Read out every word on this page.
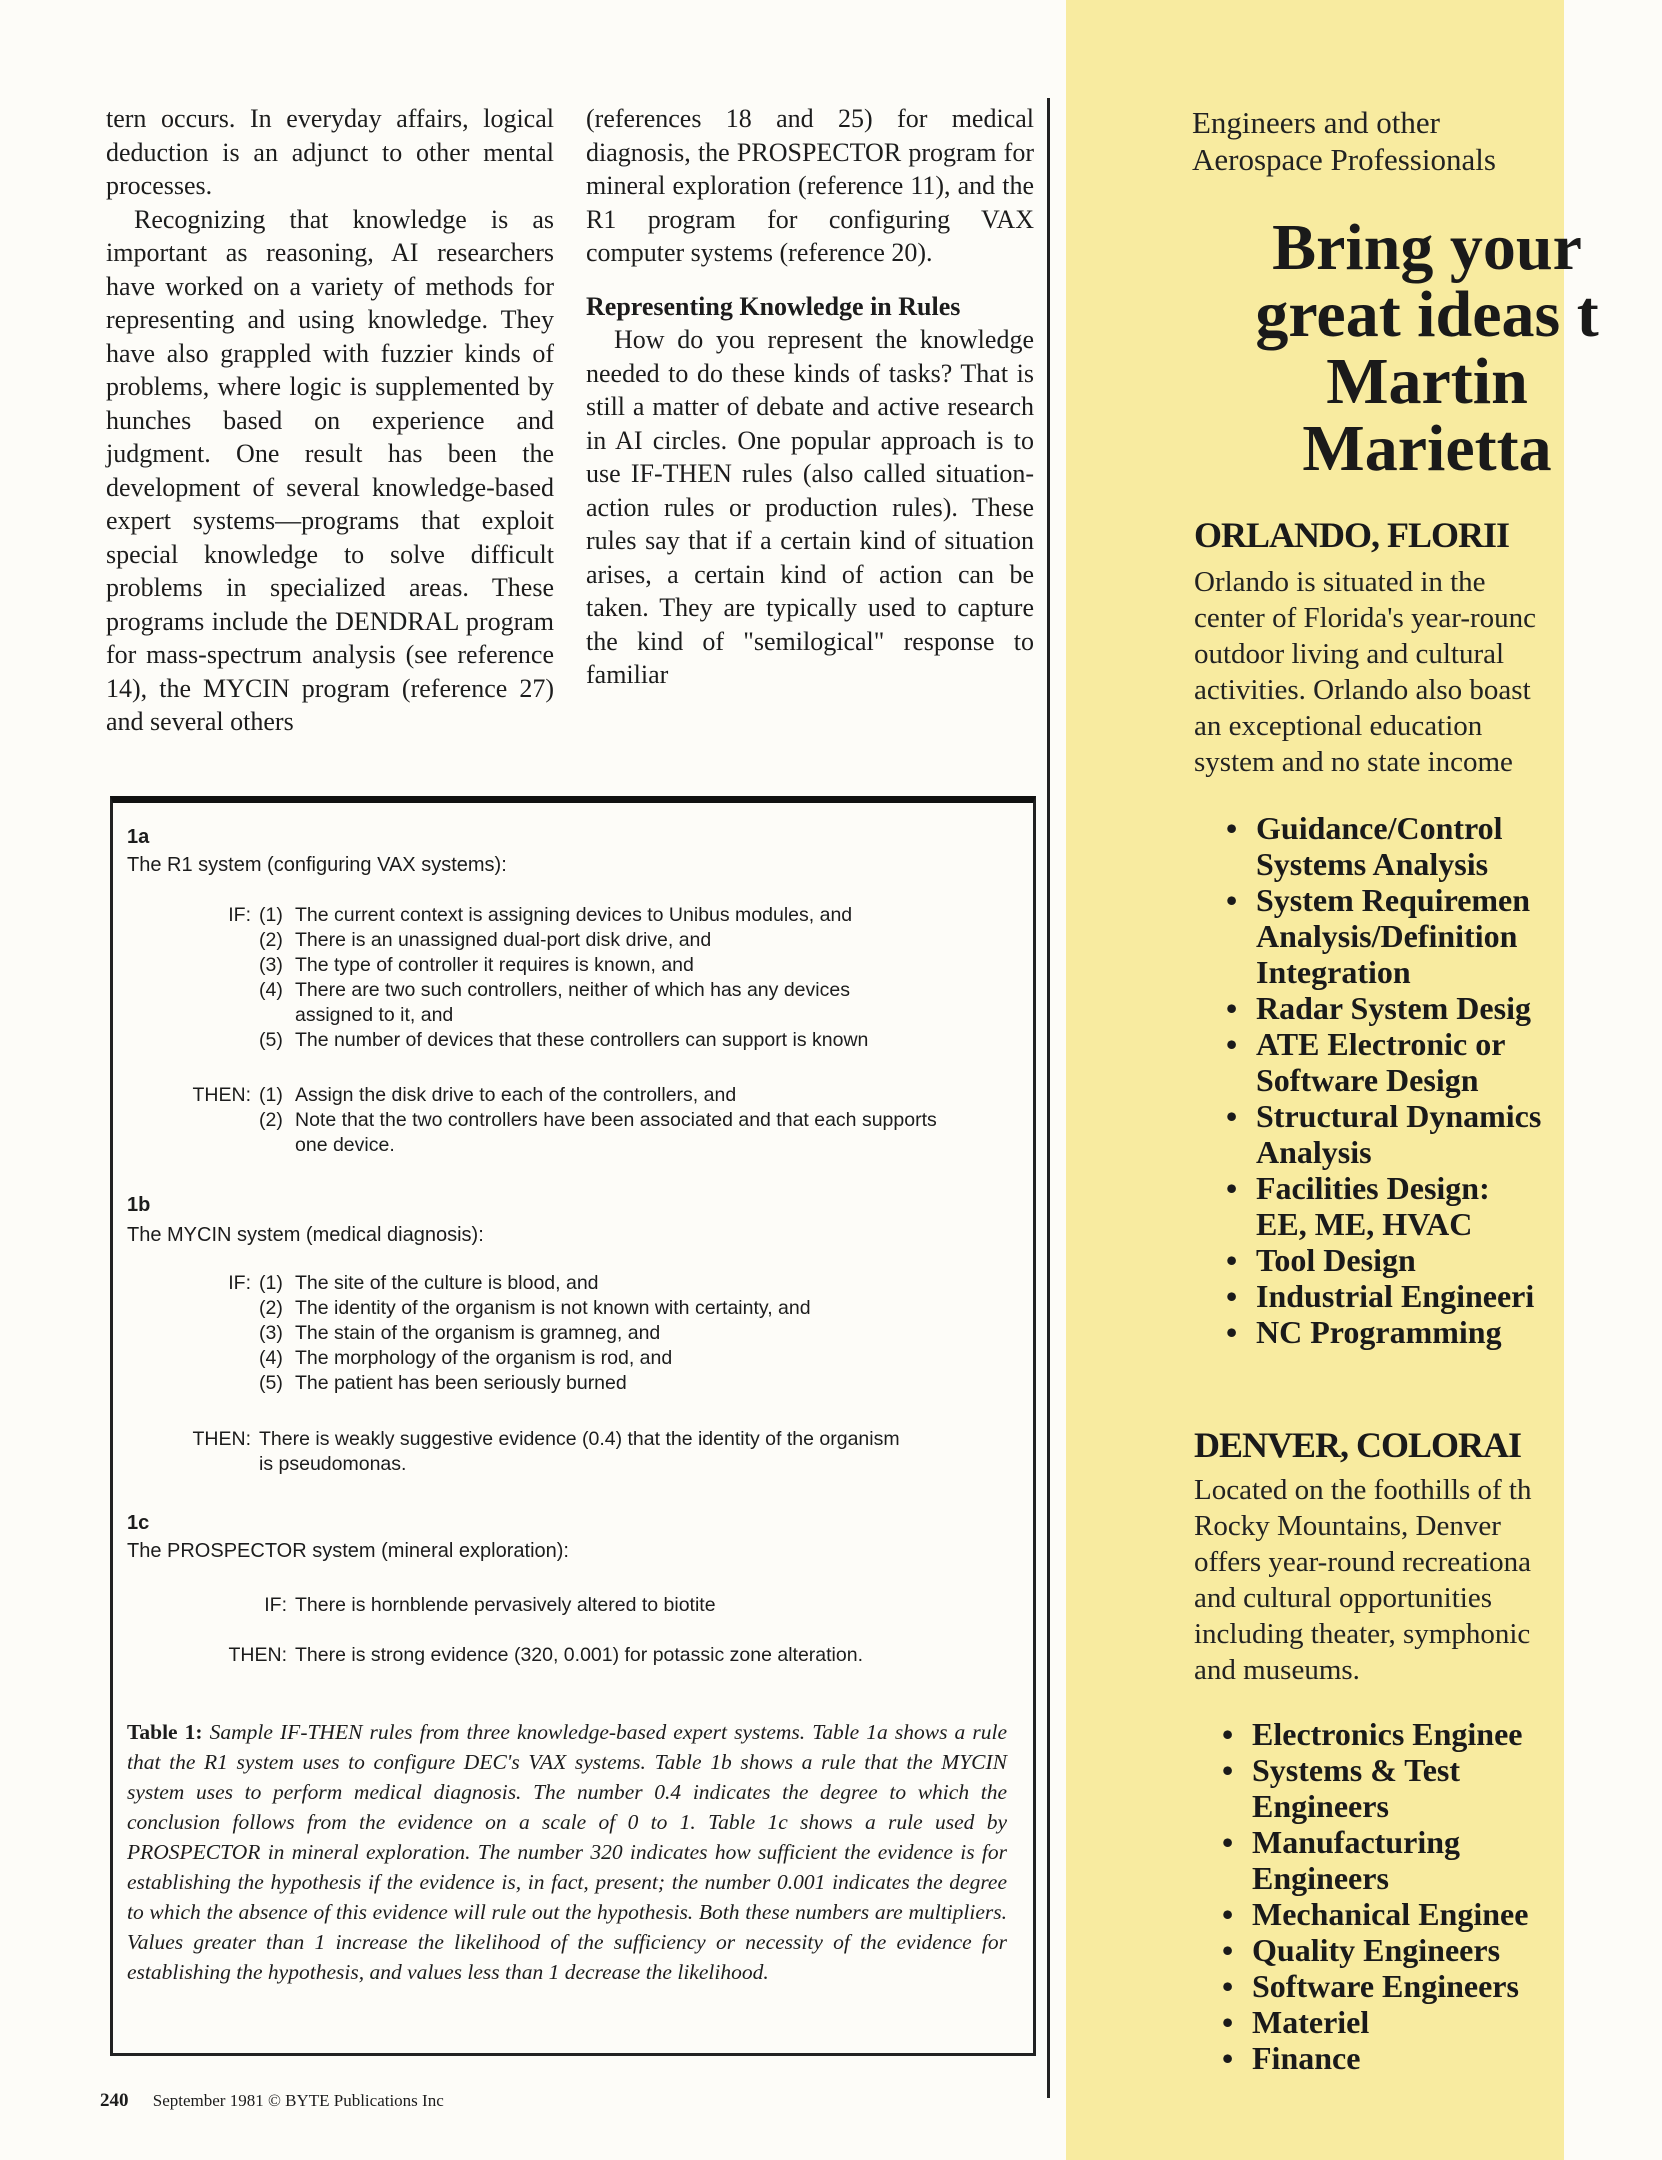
tern occurs. In everyday affairs, logical deduction is an adjunct to other mental processes.

Recognizing that knowledge is as important as reasoning, AI researchers have worked on a variety of methods for representing and using knowledge. They have also grappled with fuzzier kinds of problems, where logic is supplemented by hunches based on experience and judgment. One result has been the development of several knowledge-based expert systems—programs that exploit special knowledge to solve difficult problems in specialized areas. These programs include the DENDRAL program for mass-spectrum analysis (see reference 14), the MYCIN program (reference 27) and several others

(references 18 and 25) for medical diagnosis, the PROSPECTOR program for mineral exploration (reference 11), and the R1 program for configuring VAX computer systems (reference 20).

Representing Knowledge in Rules

How do you represent the knowledge needed to do these kinds of tasks? That is still a matter of debate and active research in AI circles. One popular approach is to use IF-THEN rules (also called situation-action rules or production rules). These rules say that if a certain kind of situation arises, a certain kind of action can be taken. They are typically used to capture the kind of "semilogical" response to familiar

1a
The R1 system (configuring VAX systems):
IF: (1) The current context is assigning devices to Unibus modules, and
(2) There is an unassigned dual-port disk drive, and
(3) The type of controller it requires is known, and
(4) There are two such controllers, neither of which has any devices assigned to it, and
(5) The number of devices that these controllers can support is known
THEN: (1) Assign the disk drive to each of the controllers, and
(2) Note that the two controllers have been associated and that each supports one device.
1b
The MYCIN system (medical diagnosis):
IF: (1) The site of the culture is blood, and
(2) The identity of the organism is not known with certainty, and
(3) The stain of the organism is gramneg, and
(4) The morphology of the organism is rod, and
(5) The patient has been seriously burned
THEN: There is weakly suggestive evidence (0.4) that the identity of the organism is pseudomonas.
1c
The PROSPECTOR system (mineral exploration):
IF: There is hornblende pervasively altered to biotite
THEN: There is strong evidence (320, 0.001) for potassic zone alteration.
Table 1: Sample IF-THEN rules from three knowledge-based expert systems. Table 1a shows a rule that the R1 system uses to configure DEC's VAX systems. Table 1b shows a rule that the MYCIN system uses to perform medical diagnosis. The number 0.4 indicates the degree to which the conclusion follows from the evidence on a scale of 0 to 1. Table 1c shows a rule used by PROSPECTOR in mineral exploration. The number 320 indicates how sufficient the evidence is for establishing the hypothesis if the evidence is, in fact, present; the number 0.001 indicates the degree to which the absence of this evidence will rule out the hypothesis. Both these numbers are multipliers. Values greater than 1 increase the likelihood of the sufficiency or necessity of the evidence for establishing the hypothesis, and values less than 1 decrease the likelihood.
240 September 1981 © BYTE Publications Inc
Engineers and other
Aerospace Professionals
Bring your
great ideas t
Martin
Marietta
ORLANDO, FLORII
Orlando is situated in the
center of Florida's year-rounc
outdoor living and cultural
activities. Orlando also boast
an exceptional education
system and no state income
• Guidance/Control
Systems Analysis
• System Requiremen
Analysis/Definition
Integration
• Radar System Desig
• ATE Electronic or
Software Design
• Structural Dynamics
Analysis
• Facilities Design:
EE, ME, HVAC
• Tool Design
• Industrial Engineeri
• NC Programming
DENVER, COLORAI
Located on the foothills of th
Rocky Mountains, Denver
offers year-round recreationa
and cultural opportunities
including theater, symphonic
and museums.
• Electronics Enginee
• Systems & Test
Engineers
• Manufacturing
Engineers
• Mechanical Enginee
• Quality Engineers
• Software Engineers
• Materiel
• Finance
